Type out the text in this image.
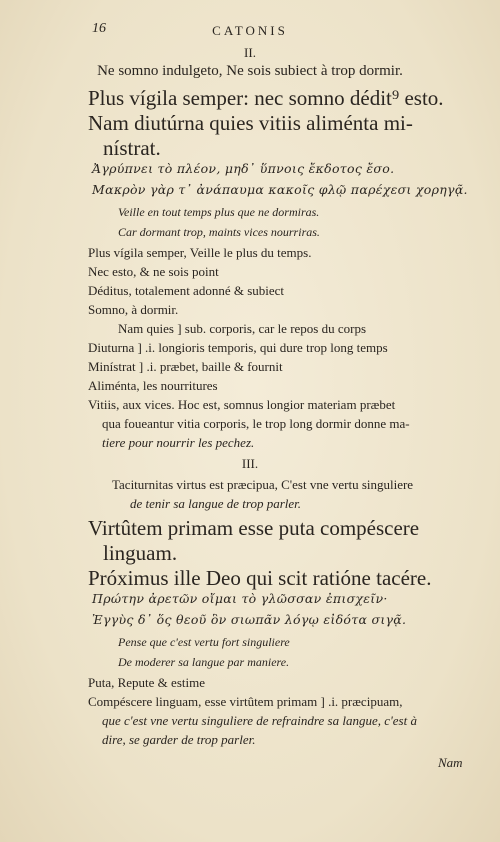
16	CATONIS
II.
Ne somno indulgeto, Ne sois subiect à trop dormir.
Plus vígila semper: nec somno dédit⁹ esto.
Nam diutúrna quies vitiis aliménta mi-
nístrat.
Ἀγρύπνει τὸ πλέον, μηδ᾽ ὕπνοις ἔκδοτος ἔσο.
Μακρὸν γὰρ τ᾽ ἀνάπαυμα κακοῖς φλῷ παρέχεσι χορηγᾷ.
Veille en tout temps plus que ne dormiras.
Car dormant trop, maints vices nourriras.
Plus vígila semper, Veille le plus du temps.
Nec esto, & ne sois point
Déditus, totalement adonné & subiect
Somno, à dormir.
Nam quies ] sub. corporis, car le repos du corps
Diuturna ] .i. longioris temporis, qui dure trop long temps
Minístrat ] .i. præbet, baille & fournit
Aliménta, les nourritures
Vitiis, aux vices. Hoc est, somnus longior materiam præbet
qua foueantur vitia corporis, le trop long dormir donne ma-
tiere pour nourrir les pechez.
III.
Taciturnitas virtus est præcipua, C'est vne vertu singuliere
de tenir sa langue de trop parler.
Virtûtem primam esse puta compéscere
linguam.
Próximus ille Deo qui scit ratióne tacére.
Πρώτην ἀρετῶν οἴμαι τὸ γλῶσσαν ἐπισχεῖν·
Ἐγγὺς δ᾽ ὅς θεοῦ ὃν σιωπᾶν λόγῳ εἰδότα σιγᾷ.
Pense que c'est vertu fort singuliere
De moderer sa langue par maniere.
Puta, Repute & estime
Compéscere linguam, esse virtûtem primam ] .i. præcipuam,
que c'est vne vertu singuliere de refraindre sa langue, c'est à
dire, se garder de trop parler.
Nam
